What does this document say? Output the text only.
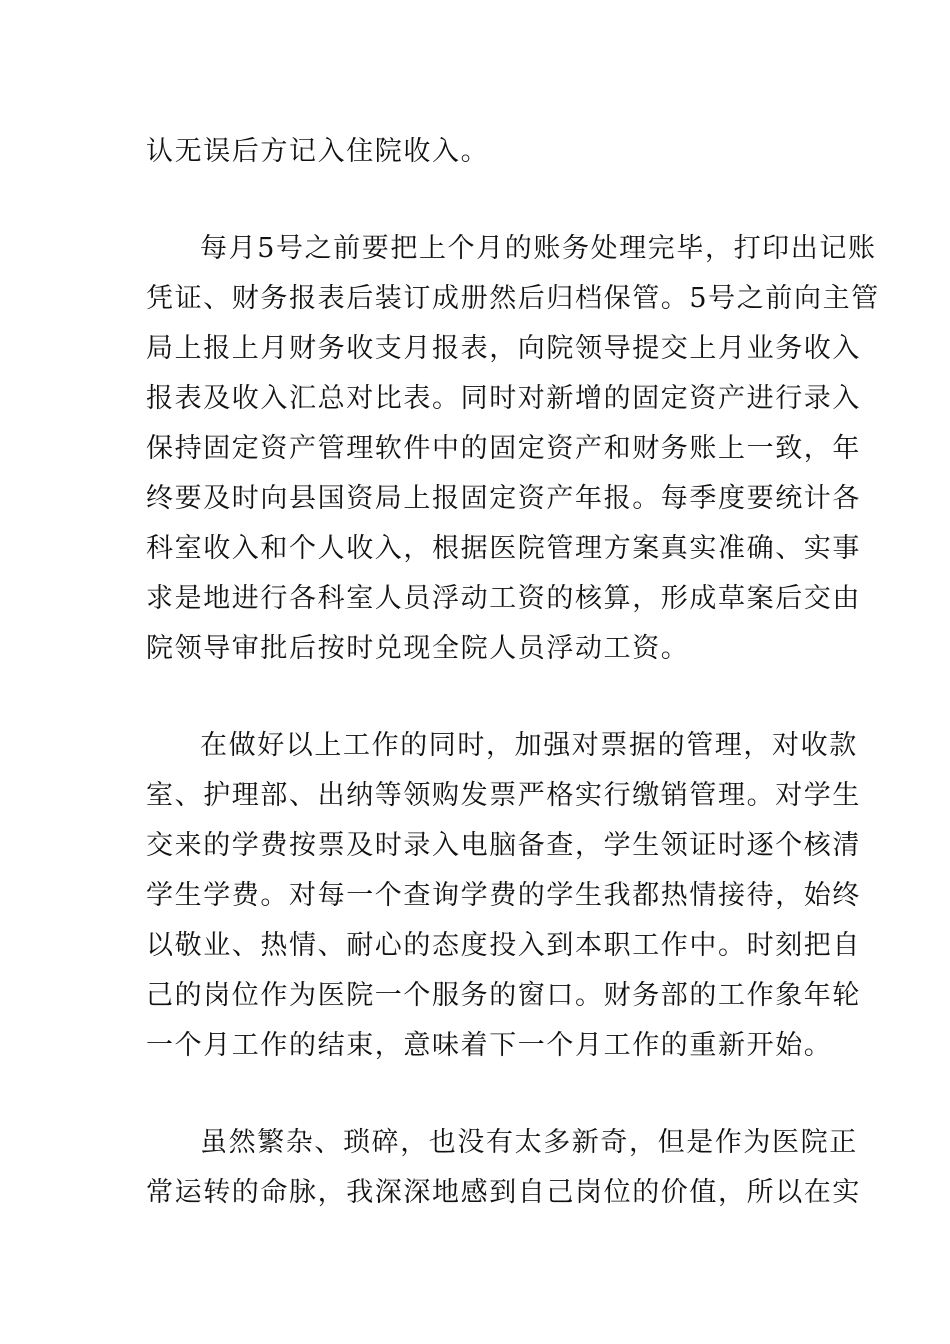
认无误后方记入住院收入。
每月5号之前要把上个月的账务处理完毕，打印出记账
凭证、财务报表后装订成册然后归档保管。5号之前向主管
局上报上月财务收支月报表，向院领导提交上月业务收入
报表及收入汇总对比表。同时对新增的固定资产进行录入
保持固定资产管理软件中的固定资产和财务账上一致，年
终要及时向县国资局上报固定资产年报。每季度要统计各
科室收入和个人收入，根据医院管理方案真实准确、实事
求是地进行各科室人员浮动工资的核算，形成草案后交由
院领导审批后按时兑现全院人员浮动工资。
在做好以上工作的同时，加强对票据的管理，对收款
室、护理部、出纳等领购发票严格实行缴销管理。对学生
交来的学费按票及时录入电脑备查，学生领证时逐个核清
学生学费。对每一个查询学费的学生我都热情接待，始终
以敬业、热情、耐心的态度投入到本职工作中。时刻把自
己的岗位作为医院一个服务的窗口。财务部的工作象年轮
一个月工作的结束，意味着下一个月工作的重新开始。
虽然繁杂、琐碎，也没有太多新奇，但是作为医院正
常运转的命脉，我深深地感到自己岗位的价值，所以在实
